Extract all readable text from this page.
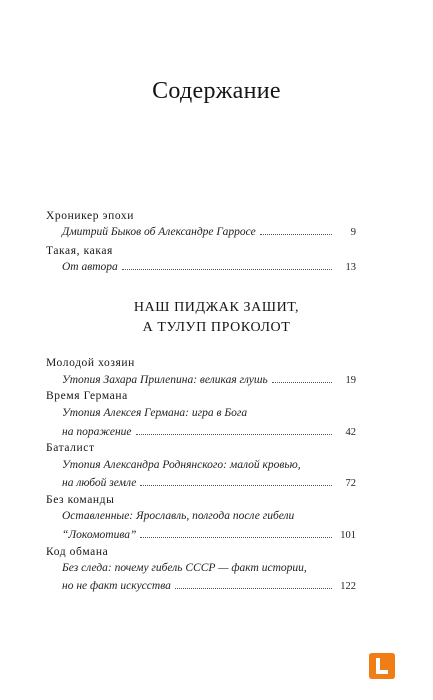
Содержание
Хроникер эпохи
Дмитрий Быков об Александре Гарросе	9
Такая, какая
От автора	13
НАШ ПИДЖАК ЗАШИТ,
А ТУЛУП ПРОКОЛОТ
Молодой хозяин
Утопия Захара Прилепина: великая глушь	19
Время Германа
Утопия Алексея Германа: игра в Бога
на поражение	42
Баталист
Утопия Александра Роднянского: малой кровью,
на любой земле	72
Без команды
Оставленные: Ярославль, полгода после гибели
“Локомотива”	101
Код обмана
Без следа: почему гибель СССР — факт истории,
но не факт искусства	122
